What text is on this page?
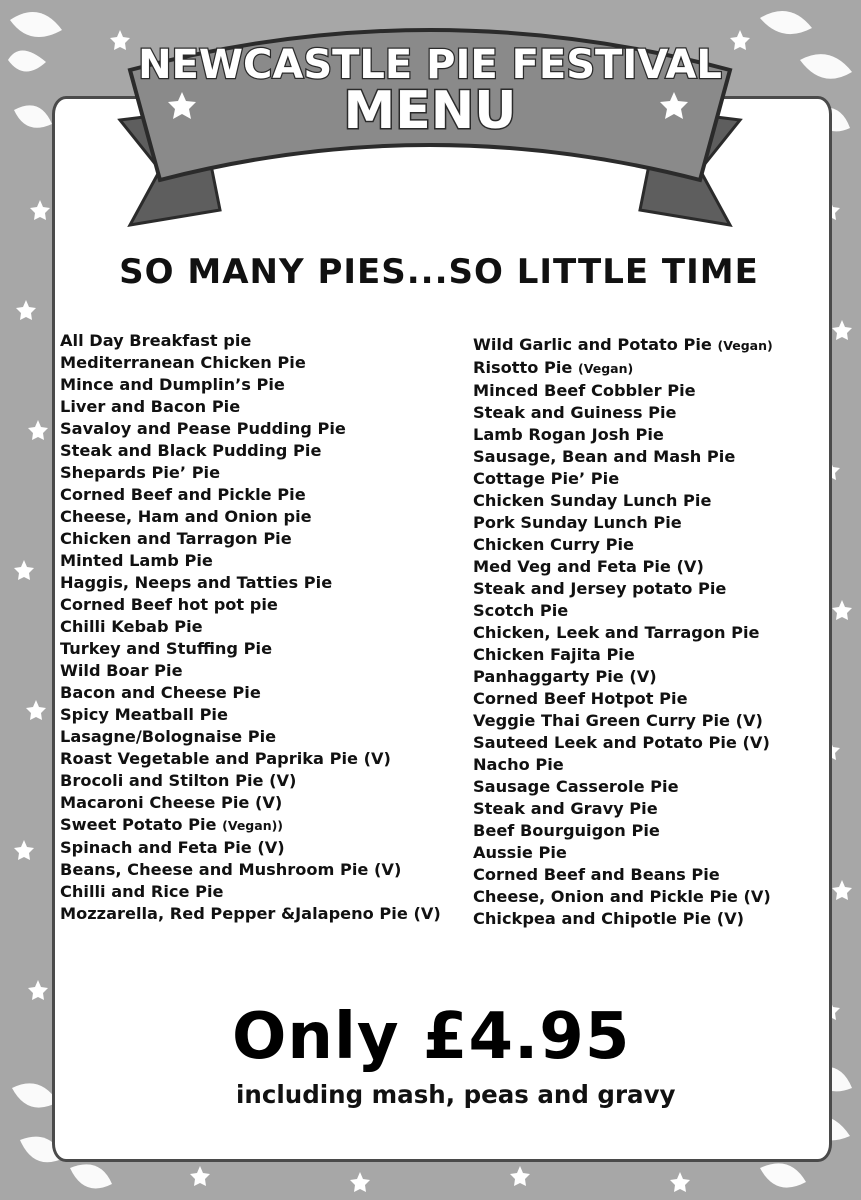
NEWCASTLE PIE FESTIVAL
MENU
SO MANY PIES...SO LITTLE TIME
All Day Breakfast pie
Mediterranean Chicken Pie
Mince and Dumplin’s Pie
Liver and Bacon Pie
Savaloy and Pease Pudding Pie
Steak and Black Pudding Pie
Shepards Pie’ Pie
Corned Beef and Pickle Pie
Cheese, Ham and Onion pie
Chicken and Tarragon Pie
Minted Lamb Pie
Haggis, Neeps and Tatties Pie
Corned Beef hot pot pie
Chilli Kebab Pie
Turkey and Stuffing Pie
Wild Boar Pie
Bacon and Cheese Pie
Spicy Meatball Pie
Lasagne/Bolognaise Pie
Roast Vegetable and Paprika Pie (V)
Brocoli and Stilton Pie (V)
Macaroni Cheese Pie (V)
Sweet Potato Pie (Vegan))
Spinach and Feta Pie (V)
Beans, Cheese and Mushroom Pie (V)
Chilli and Rice Pie
Mozzarella, Red Pepper &Jalapeno Pie (V)
Wild Garlic and Potato Pie (Vegan)
Risotto Pie (Vegan)
Minced Beef Cobbler Pie
Steak and Guiness Pie
Lamb Rogan Josh Pie
Sausage, Bean and Mash Pie
Cottage Pie’ Pie
Chicken Sunday Lunch Pie
Pork Sunday Lunch Pie
Chicken Curry Pie
Med Veg and Feta Pie (V)
Steak and Jersey potato Pie
Scotch Pie
Chicken, Leek and Tarragon Pie
Chicken Fajita Pie
Panhaggarty Pie (V)
Corned Beef Hotpot Pie
Veggie Thai Green Curry Pie (V)
Sauteed Leek and Potato Pie (V)
Nacho Pie
Sausage Casserole Pie
Steak and Gravy Pie
Beef Bourguigon Pie
Aussie Pie
Corned Beef and Beans Pie
Cheese, Onion and Pickle Pie (V)
Chickpea and Chipotle Pie (V)
Only £4.95
including mash, peas and gravy
